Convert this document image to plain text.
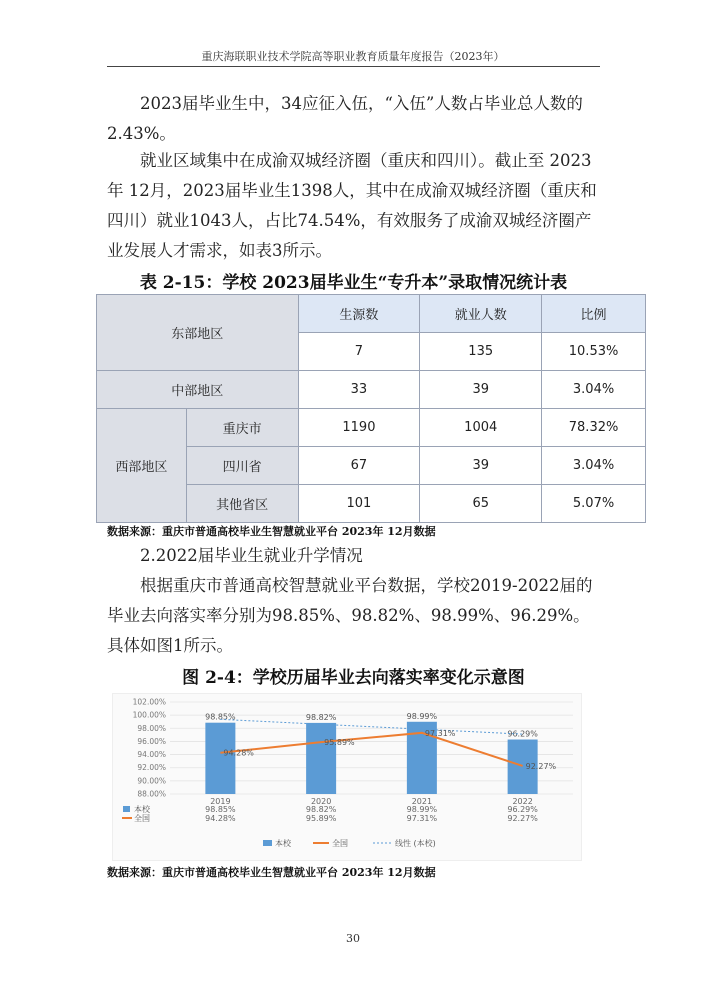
重庆海联职业技术学院高等职业教育质量年度报告（2023年）

2023届毕业生中，34应征入伍，“入伍”人数占毕业总人数的2.43%。

就业区域集中在成渝双城经济圈（重庆和四川）。截止至 2023年 12月，2023届毕业生1398人，其中在成渝双城经济圈（重庆和四川）就业1043人，占比74.54%，有效服务了成渝双城经济圈产业发展人才需求，如表3所示。

表 2-15：学校 2023届毕业生“专升本”录取情况统计表
东部地区		生源数	就业人数	比例
		7	135	10.53%
中部地区		33	39	3.04%
西部地区	重庆市	1190	1004	78.32%
	四川省	67	39	3.04%
	其他省区	101	65	5.07%
数据来源：重庆市普通高校毕业生智慧就业平台 2023年 12月数据

2.2022届毕业生就业升学情况

根据重庆市普通高校智慧就业平台数据，学校2019-2022届的毕业去向落实率分别为98.85%、98.82%、98.99%、96.29%。具体如图1所示。

图 2-4：学校历届毕业去向落实率变化示意图
88.00%
90.00%
92.00%
94.00%
96.00%
98.00%
100.00%
102.00%
98.85%	98.82%	98.99%
96.29%
94.28%
95.89%
97.31%
92.27%
2019	2020	2021	2022
本校	98.85%	98.82%	98.99%	96.29%
全国	94.28%	95.89%	97.31%	92.27%
本校	全国	线性 (本校)
数据来源：重庆市普通高校毕业生智慧就业平台 2023年 12月数据
30
